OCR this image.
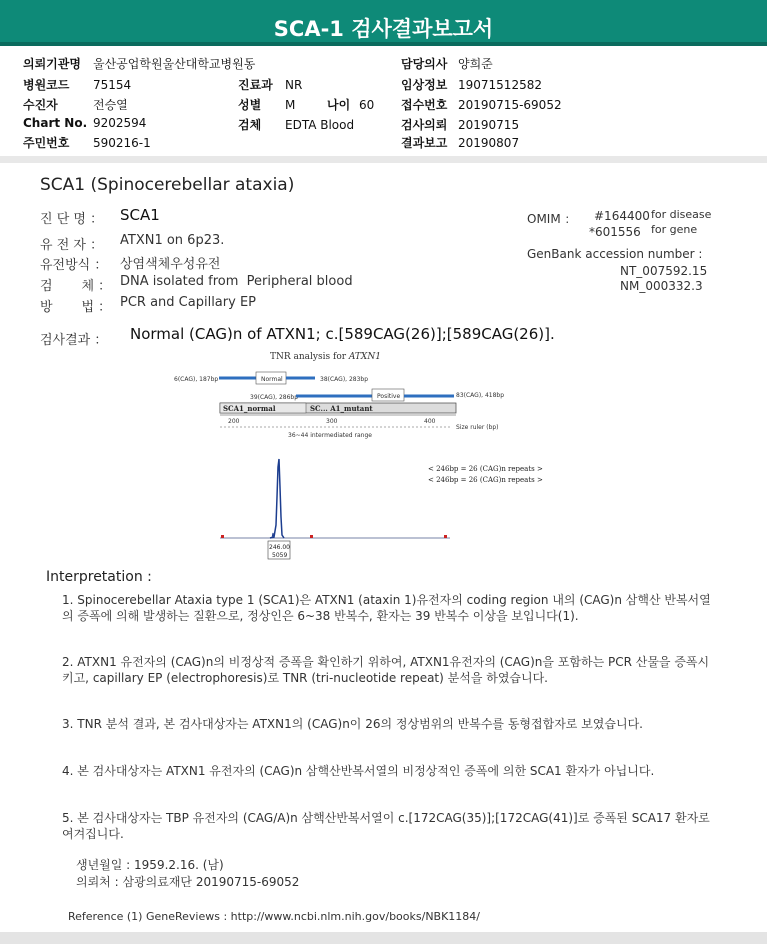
SCA-1 검사결과보고서
의뢰기관명 울산공업학원울산대학교병원동
병원코드 75154
수진자	전승열
Chart No. 9202594
주민번호 590216-1
진료과 NR
성별 M	나이 60
검체 EDTA Blood
담당의사 양희준
임상정보 19071512582
접수번호 20190715-69052
검사의뢰 20190715
결과보고 20190807
SCA1 (Spinocerebellar ataxia)
진 단 명 ： SCA1
유 전 자 ： ATXN1 on 6p23.
유전방식 ： 상염색체우성유전
검       체 ： DNA isolated from  Peripheral blood
방       법 ： PCR and Capillary EP
OMIM ： #164400 for disease
*601556 for gene
GenBank accession number :
NT_007592.15
NM_000332.3
검사결과 ： Normal (CAG)n of ATXN1; c.[589CAG(26)];[589CAG(26)].
TNR analysis for ATXN1
6(CAG), 187bp	Normal	38(CAG), 283bp
39(CAG), 286bp	Positive	83(CAG), 418bp
SCA1_normal	SC... A1_mutant
200	300	400
Size ruler (bp)
36~44 intermediated range
< 246bp = 26 (CAG)n repeats >
< 246bp = 26 (CAG)n repeats >
246.00
5059
Interpretation :
1. Spinocerebellar Ataxia type 1 (SCA1)은 ATXN1 (ataxin 1)유전자의 coding region 내의 (CAG)n 삼핵산 반복서열의 증폭에 의해 발생하는 질환으로, 정상인은 6~38 반복수, 환자는 39 반복수 이상을 보입니다(1).
2. ATXN1 유전자의 (CAG)n의 비정상적 증폭을 확인하기 위하여, ATXN1유전자의 (CAG)n을 포함하는 PCR 산물을 증폭시키고, capillary EP (electrophoresis)로 TNR (tri-nucleotide repeat) 분석을 하였습니다.
3. TNR 분석 결과, 본 검사대상자는 ATXN1의 (CAG)n이 26의 정상범위의 반복수를 동형접합자로 보였습니다.
4. 본 검사대상자는 ATXN1 유전자의 (CAG)n 삼핵산반복서열의 비정상적인 증폭에 의한 SCA1 환자가 아닙니다.
5. 본 검사대상자는 TBP 유전자의 (CAG/A)n 삼핵산반복서열이 c.[172CAG(35)];[172CAG(41)]로 증폭된 SCA17 환자로 여겨집니다.
생년월일 : 1959.2.16. (남)
의뢰처 : 삼광의료재단 20190715-69052
Reference (1) GeneReviews : http://www.ncbi.nlm.nih.gov/books/NBK1184/
